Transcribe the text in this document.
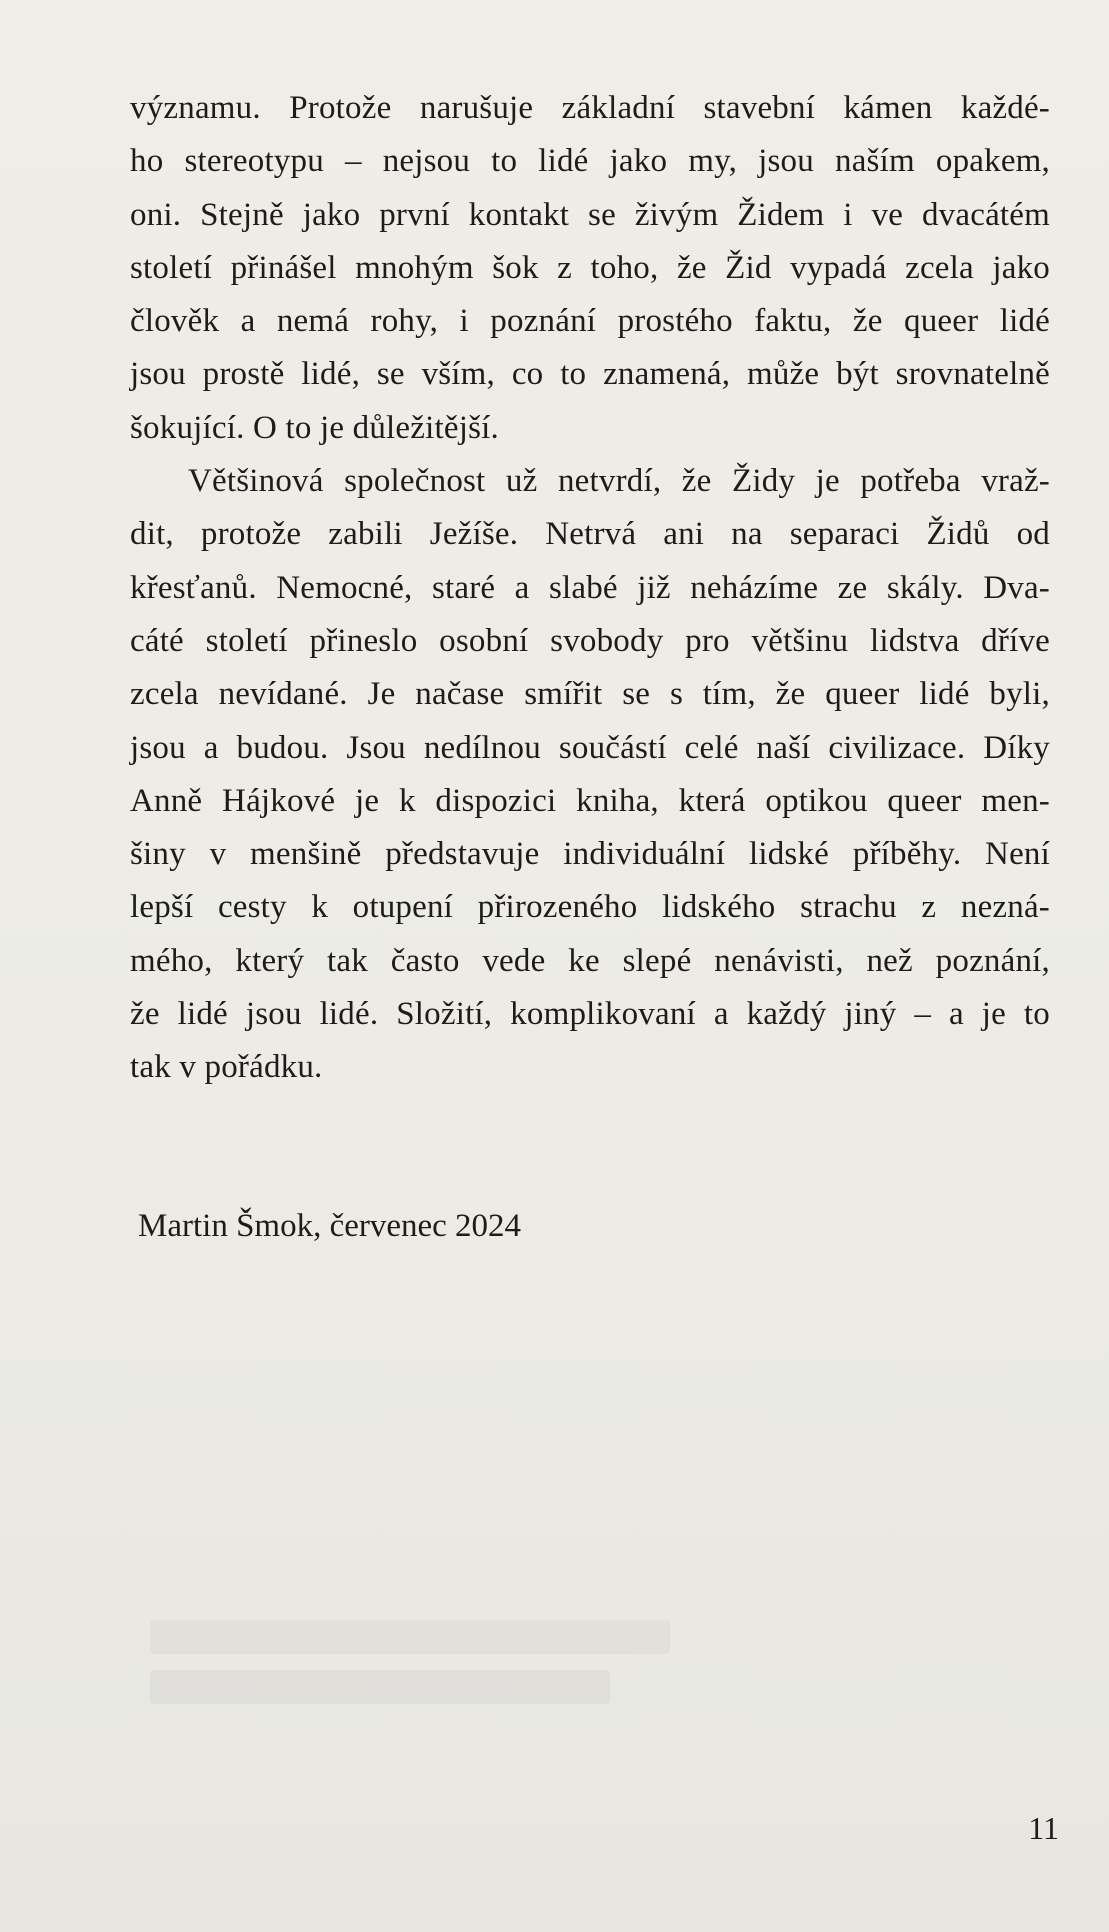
významu. Protože narušuje základní stavební kámen každé-
ho stereotypu – nejsou to lidé jako my, jsou naším opakem,
oni. Stejně jako první kontakt se živým Židem i ve dvacátém
století přinášel mnohým šok z toho, že Žid vypadá zcela jako
člověk a nemá rohy, i poznání prostého faktu, že queer lidé
jsou prostě lidé, se vším, co to znamená, může být srovnatelně
šokující. O to je důležitější.
Většinová společnost už netvrdí, že Židy je potřeba vraž-
dit, protože zabili Ježíše. Netrvá ani na separaci Židů od
křesťanů. Nemocné, staré a slabé již neházíme ze skály. Dva-
cáté století přineslo osobní svobody pro většinu lidstva dříve
zcela nevídané. Je načase smířit se s tím, že queer lidé byli,
jsou a budou. Jsou nedílnou součástí celé naší civilizace. Díky
Anně Hájkové je k dispozici kniha, která optikou queer men-
šiny v menšině představuje individuální lidské příběhy. Není
lepší cesty k otupení přirozeného lidského strachu z nezná-
mého, který tak často vede ke slepé nenávisti, než poznání,
že lidé jsou lidé. Složití, komplikovaní a každý jiný – a je to
tak v pořádku.
Martin Šmok, červenec 2024
11
